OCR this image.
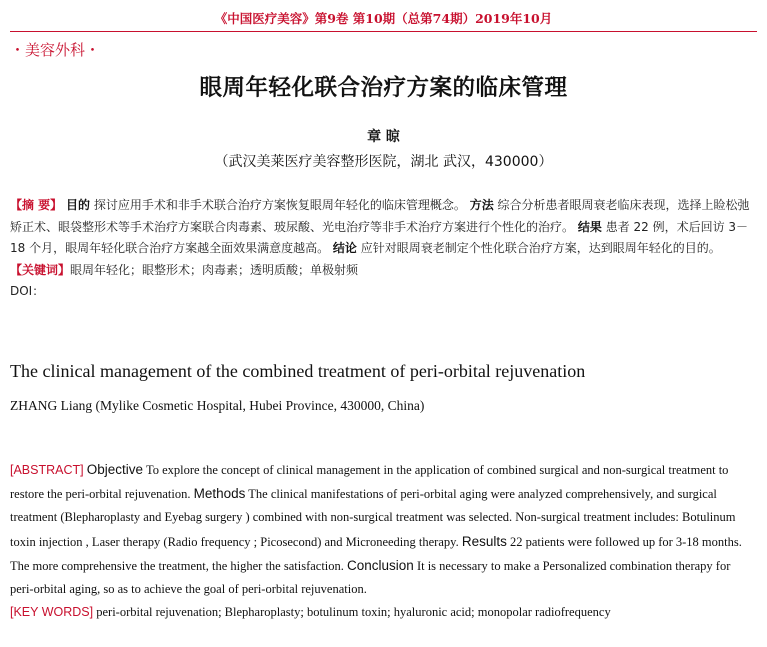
《中国医疗美容》第9卷 第10期（总第74期）2019年10月
・美容外科・
眼周年轻化联合治疗方案的临床管理
章 晾
（武汉美莱医疗美容整形医院，湖北 武汉，430000）

【摘 要】 目的 探讨应用手术和非手术联合治疗方案恢复眼周年轻化的临床管理概念。 方法 综合分析患者眼周衰老临床表现，选择上睑松弛矫正术、眼袋整形术等手术治疗方案联合肉毒素、玻尿酸、光电治疗等非手术治疗方案进行个性化的治疗。 结果 患者 22 例，术后回访 3－18 个月，眼周年轻化联合治疗方案越全面效果满意度越高。 结论 应针对眼周衰老制定个性化联合治疗方案，达到眼周年轻化的目的。

【关键词】眼周年轻化；眼整形术；肉毒素；透明质酸；单极射频

DOI：

The clinical management of the combined treatment of peri-orbital rejuvenation
ZHANG Liang (Mylike Cosmetic Hospital, Hubei Province, 430000, China)

[ABSTRACT] Objective To explore the concept of clinical management in the application of combined surgical and non-surgical treatment to restore the peri-orbital rejuvenation. Methods The clinical manifestations of peri-orbital aging were analyzed comprehensively, and surgical treatment (Blepharoplasty and Eyebag surgery ) combined with non-surgical treatment was selected. Non-surgical treatment includes: Botulinum toxin injection , Laser therapy (Radio frequency ; Picosecond) and Microneeding therapy. Results 22 patients were followed up for 3-18 months. The more comprehensive the treatment, the higher the satisfaction. Conclusion It is necessary to make a Personalized combination therapy for peri-orbital aging, so as to achieve the goal of peri-orbital rejuvenation.

[KEY WORDS] peri-orbital rejuvenation; Blepharoplasty; botulinum toxin; hyaluronic acid; monopolar radiofrequency
